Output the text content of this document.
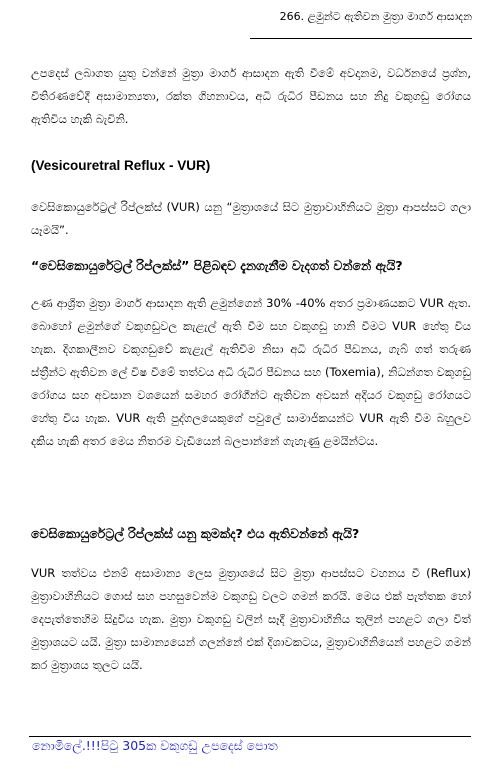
266. ළමුන්ට ඇතිවන මුත්‍රා මාර්ග ආසාදන

උපදෙස් ලබාගත යුතු වන්නේ මුත්‍රා මාර්ග ආසාදන ඇති වීමේ අවදානම, වර්ධනයේ ප්‍රශ්න, විතිරණවේදී අසාමාන්‍යතා, රක්ත ගිහනාවය, අධි රුධිර පීඩනය සහ නිදු වකුගඩු රෝගය ඇතිවිය හැකි බැවිනි.

(Vesicouretral Reflux - VUR)

වෙසිකොයුරේට්‍රල් රිප්ලක්ස් (VUR) යනු “මුත්‍රාශයේ සිට මුත්‍රාවාහිනියට මුත්‍රා ආපස්සට ගලා යෑමයි”.

“වෙසිකොයුරේට්‍රල් රිප්ලක්ස්” පිළිබඳව දැනගැනීම වැදගත් වන්නේ ඇයි?

උණ ආශ්‍රිත මුත්‍රා මාර්ග ආසාදන ඇති ළමුන්ගෙන් 30% -40% අතර ප්‍රමාණයකට VUR ඇත. බොහෝ ළමුන්ගේ වකුගඩුවල කැළැල් ඇති වීම සහ වකුගඩු හානි වීමට VUR හේතු විය හැක. දිගකාලීනව වකුගඩුවේ කැළැල් ඇතිවීම නිසා අධි රුධිර පීඩනය, ගැබ් ගත් තරුණ ස්ත්‍රීන්ට ඇතිවන ලේ විෂ වීමේ තත්වය අධි රුධිර පීඩනය සහ (Toxemia), නිධන්ගත වකුගඩු රෝගය සහ අවසාන වශයෙන් සමහර රෝගීන්ට ඇතිවන අවසන් අදියර වකුගඩු රෝගයට හේතු විය හැක. VUR ඇති පුද්ගලයෙකුගේ පවුලේ සාමාජිකයන්ට VUR ඇති වීම බහුලව දකිය හැකි අතර මෙය නිතරම වැඩියෙන් බලපාන්නේ ගැහැණු ළමයින්ටය.

වෙසිකොයුරේට්‍රල් රිප්ලක්ස් යනු කුමක්ද? එය ඇතිවන්නේ ඇයි?

VUR තත්වය එනම් අසාමාන්‍ය ලෙස මුත්‍රාශයේ සිට මුත්‍රා ආපස්සට වහනය වී (Reflux) මුත්‍රාවාහිනියට ගොස් සහ පහසුවෙන්ම වකුගඩු වලට ගමන් කරයි. මෙය එක් පැත්තක හෝ දෙපැත්තෙහිම සිදුවිය හැක. මුත්‍රා වකුගඩු වලින් සෑදී මුත්‍රාවාහිනිය තුලින් පහළට ගලා විත් මුත්‍රාශයට යයි. මුත්‍රා සාමාන්‍යයෙන් ගලන්නේ එක් දිශාවකටය, මුත්‍රාවාහිනියෙන් පහළට ගමන් කර මුත්‍රාශය තුලට යයි.

නොමිලේ.!!!පිටු 305ක වකුගඩු උපදෙස් පොත
